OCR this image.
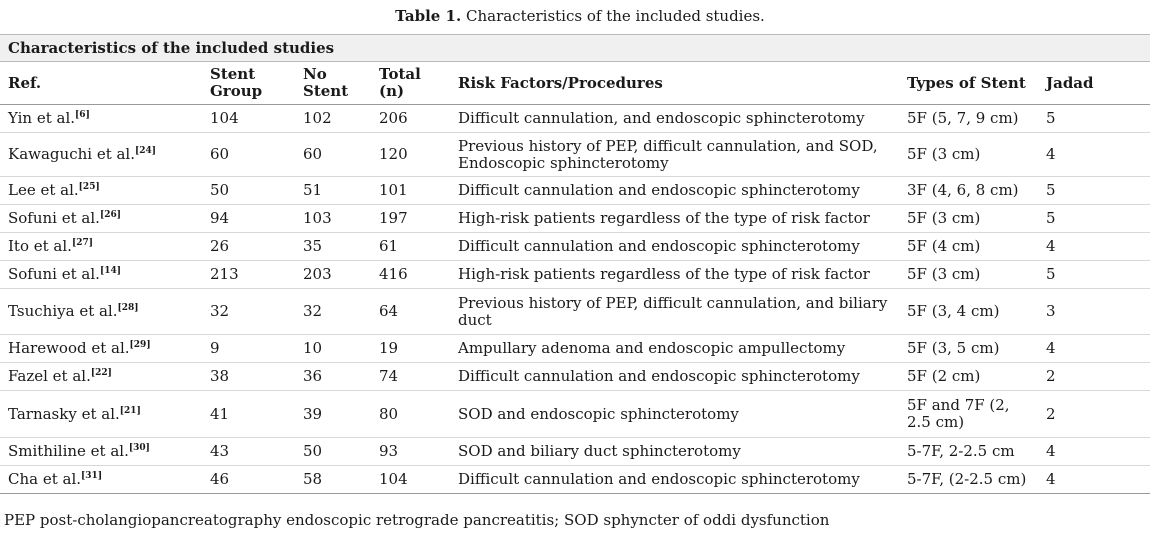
Table 1. Characteristics of the included studies.
Characteristics of the included studies						
Ref.	Stent Group	No Stent	Total (n)	Risk Factors/Procedures	Types of Stent	Jadad
Yin et al.[6]	104	102	206	Difficult cannulation, and endoscopic sphincterotomy	5F (5, 7, 9 cm)	5
Kawaguchi et al.[24]	60	60	120	Previous history of PEP, difficult cannulation, and SOD, Endoscopic sphincterotomy	5F (3 cm)	4
Lee et al.[25]	50	51	101	Difficult cannulation and endoscopic sphincterotomy	3F (4, 6, 8 cm)	5
Sofuni et al.[26]	94	103	197	High-risk patients regardless of the type of risk factor	5F (3 cm)	5
Ito et al.[27]	26	35	61	Difficult cannulation and endoscopic sphincterotomy	5F (4 cm)	4
Sofuni et al.[14]	213	203	416	High-risk patients regardless of the type of risk factor	5F (3 cm)	5
Tsuchiya et al.[28]	32	32	64	Previous history of PEP, difficult cannulation, and biliary duct	5F (3, 4 cm)	3
Harewood et al.[29]	9	10	19	Ampullary adenoma and endoscopic ampullectomy	5F (3, 5 cm)	4
Fazel et al.[22]	38	36	74	Difficult cannulation and endoscopic sphincterotomy	5F (2 cm)	2
Tarnasky et al.[21]	41	39	80	SOD and endoscopic sphincterotomy	5F and 7F (2, 2.5 cm)	2
Smithiline et al.[30]	43	50	93	SOD and biliary duct sphincterotomy	5-7F, 2-2.5 cm	4
Cha et al.[31]	46	58	104	Difficult cannulation and endoscopic sphincterotomy	5-7F, (2-2.5 cm)	4
PEP post-cholangiopancreatography endoscopic retrograde pancreatitis; SOD sphyncter of oddi dysfunction
